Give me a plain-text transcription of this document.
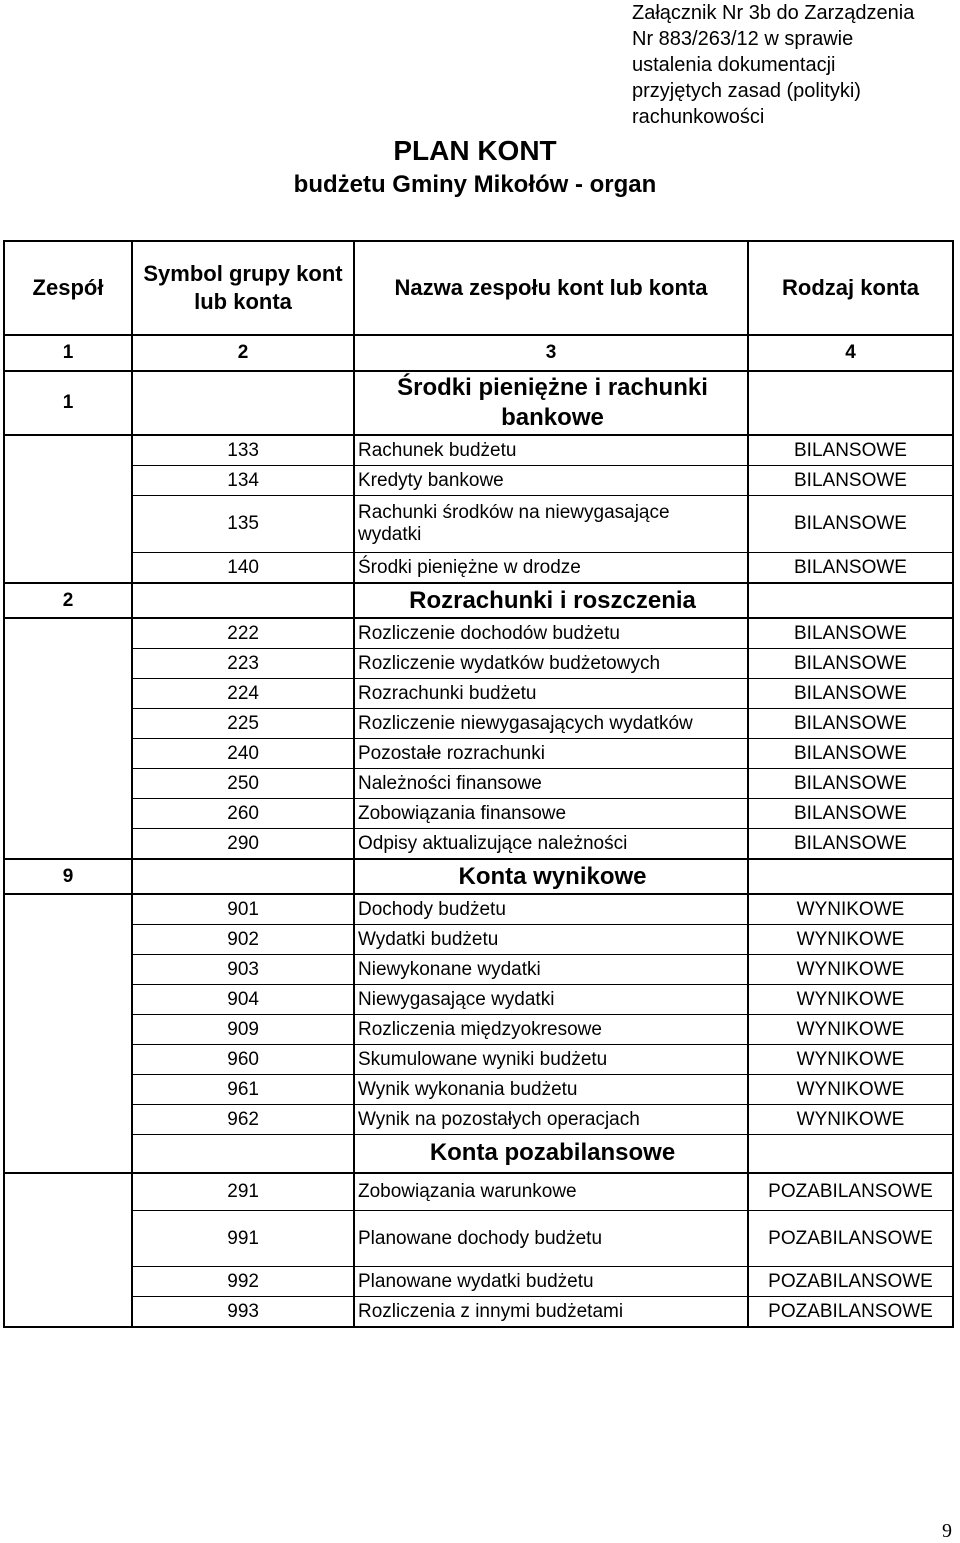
Załącznik Nr 3b do Zarządzenia
Nr 883/263/12 w sprawie
ustalenia dokumentacji
przyjętych zasad (polityki)
rachunkowości
PLAN KONT
budżetu Gminy Mikołów - organ
Zespół	Symbol grupy kont lub konta	Nazwa zespołu kont lub konta	Rodzaj konta
1	2	3	4
1		Środki pieniężne i rachunki bankowe	
	133	Rachunek budżetu	BILANSOWE
	134	Kredyty bankowe	BILANSOWE
	135	Rachunki środków na niewygasające wydatki	BILANSOWE
	140	Środki pieniężne w drodze	BILANSOWE
2		Rozrachunki i roszczenia	
	222	Rozliczenie dochodów budżetu	BILANSOWE
	223	Rozliczenie wydatków budżetowych	BILANSOWE
	224	Rozrachunki budżetu	BILANSOWE
	225	Rozliczenie niewygasających wydatków	BILANSOWE
	240	Pozostałe rozrachunki	BILANSOWE
	250	Należności finansowe	BILANSOWE
	260	Zobowiązania finansowe	BILANSOWE
	290	Odpisy aktualizujące należności	BILANSOWE
9		Konta wynikowe	
	901	Dochody budżetu	WYNIKOWE
	902	Wydatki budżetu	WYNIKOWE
	903	Niewykonane wydatki	WYNIKOWE
	904	Niewygasające wydatki	WYNIKOWE
	909	Rozliczenia międzyokresowe	WYNIKOWE
	960	Skumulowane wyniki budżetu	WYNIKOWE
	961	Wynik wykonania budżetu	WYNIKOWE
	962	Wynik na pozostałych operacjach	WYNIKOWE
		Konta pozabilansowe	
	291	Zobowiązania warunkowe	POZABILANSOWE
	991	Planowane dochody budżetu	POZABILANSOWE
	992	Planowane wydatki budżetu	POZABILANSOWE
	993	Rozliczenia z innymi budżetami	POZABILANSOWE
9
